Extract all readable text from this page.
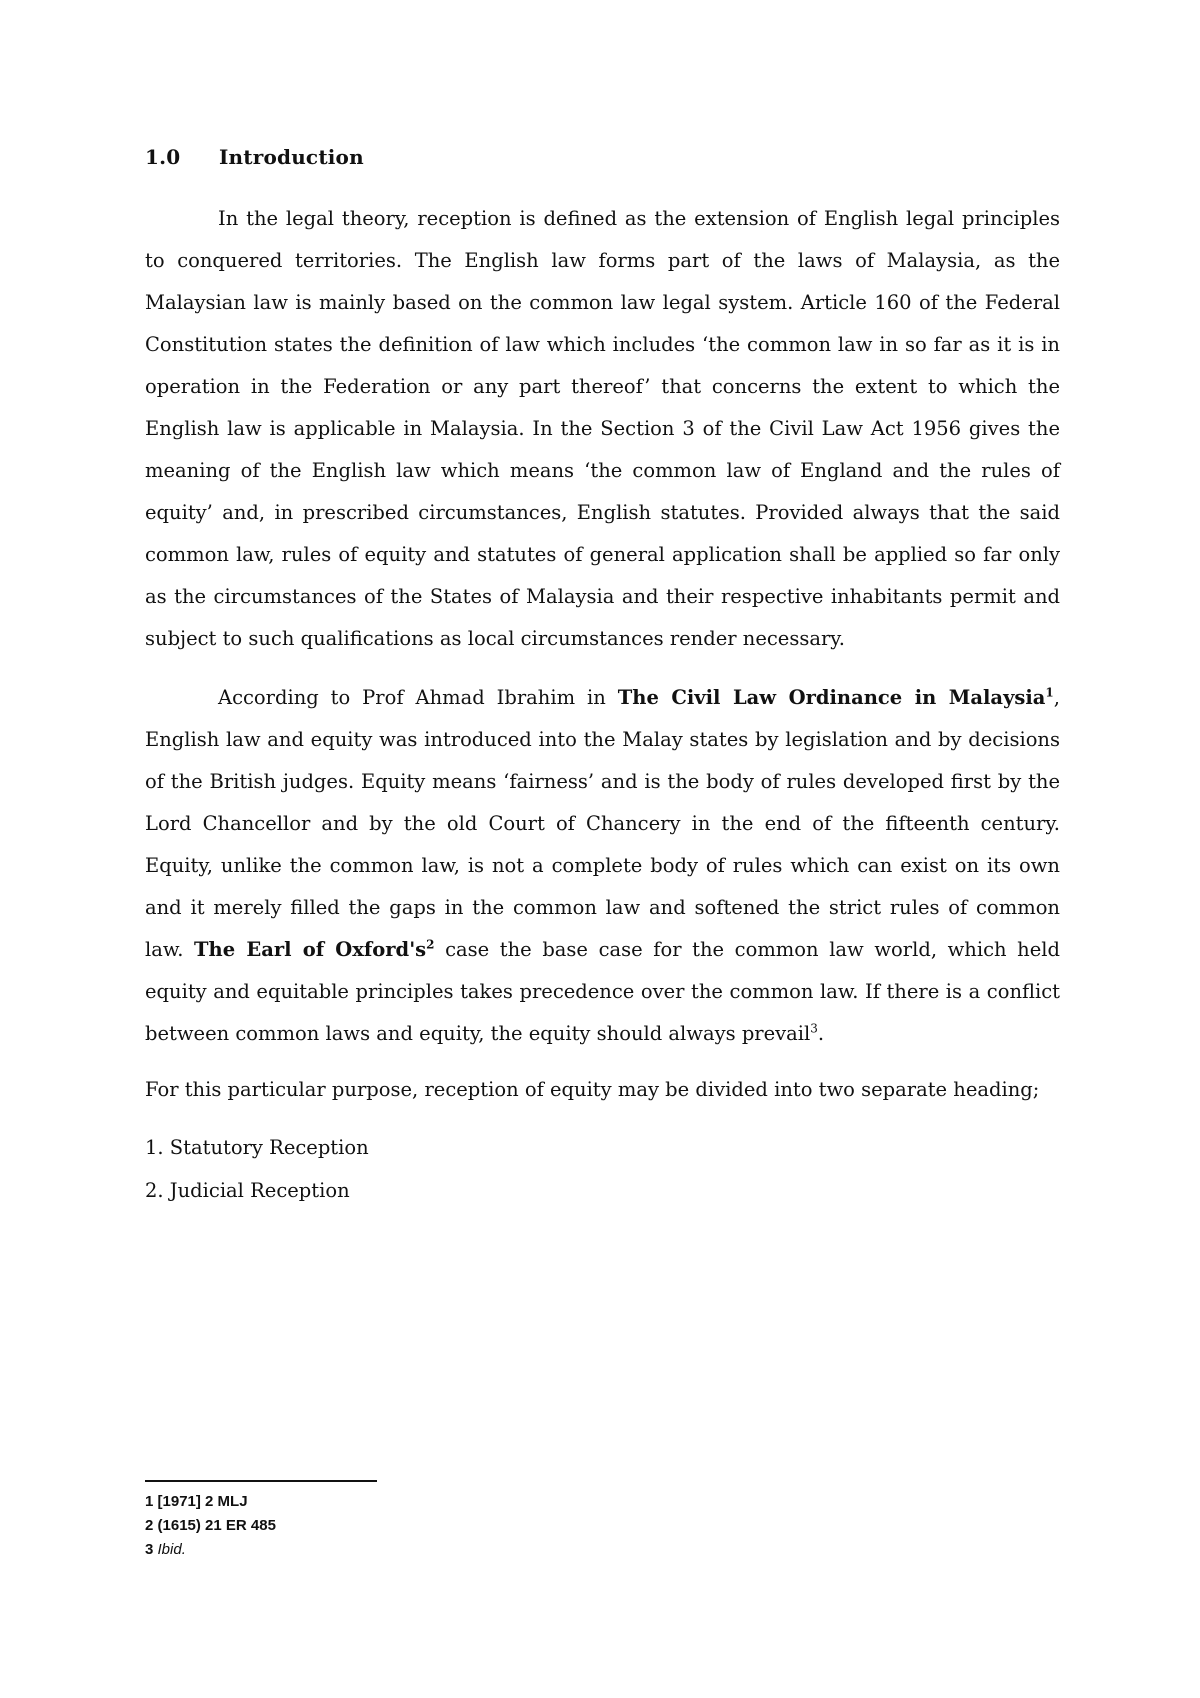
1.0 Introduction
In the legal theory, reception is defined as the extension of English legal principles to conquered territories. The English law forms part of the laws of Malaysia, as the Malaysian law is mainly based on the common law legal system. Article 160 of the Federal Constitution states the definition of law which includes ‘the common law in so far as it is in operation in the Federation or any part thereof’ that concerns the extent to which the English law is applicable in Malaysia. In the Section 3 of the Civil Law Act 1956 gives the meaning of the English law which means ‘the common law of England and the rules of equity’ and, in prescribed circumstances, English statutes. Provided always that the said common law, rules of equity and statutes of general application shall be applied so far only as the circumstances of the States of Malaysia and their respective inhabitants permit and subject to such qualifications as local circumstances render necessary.
According to Prof Ahmad Ibrahim in The Civil Law Ordinance in Malaysia$^1$, English law and equity was introduced into the Malay states by legislation and by decisions of the British judges. Equity means ‘fairness’ and is the body of rules developed first by the Lord Chancellor and by the old Court of Chancery in the end of the fifteenth century. Equity, unlike the common law, is not a complete body of rules which can exist on its own and it merely filled the gaps in the common law and softened the strict rules of common law. The Earl of $Oxford's^2$ case the base case for the common law world, which held equity and equitable principles takes precedence over the common law. If there is a conflict between common laws and equity, the equity should always prevail$^3$.
For this particular purpose, reception of equity may be divided into two separate heading;
1. Statutory Reception
2. Judicial Reception
1 [1971] 2 MLJ
2 (1615) 21 ER 485
3 Ibid.
